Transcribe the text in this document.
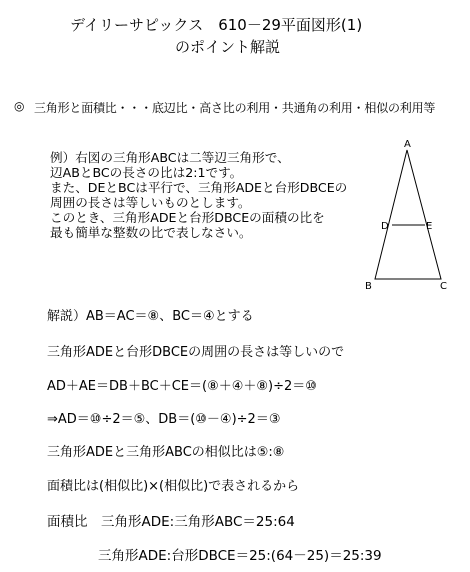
デイリーサピックス　610－29平面図形(1)
のポイント解説
◎ 三角形と面積比・・・底辺比・高さ比の利用・共通角の利用・相似の利用等
例）右図の三角形ABCは二等辺三角形で、
辺ABとBCの長さの比は2:1です。
また、DEとBCは平行で、三角形ADEと台形DBCEの
周囲の長さは等しいものとします。
このとき、三角形ADEと台形DBCEの面積の比を
最も簡単な整数の比で表しなさい。
A
B	C
D	E
解説）AB＝AC＝⑧、BC＝④とする
三角形ADEと台形DBCEの周囲の長さは等しいので
AD＋AE＝DB＋BC＋CE＝(⑧＋④＋⑧)÷2＝⑩
⇒AD＝⑩÷2＝⑤、DB＝(⑩－④)÷2＝③
三角形ADEと三角形ABCの相似比は⑤:⑧
面積比は(相似比)×(相似比)で表されるから
面積比　三角形ADE:三角形ABC＝25:64
三角形ADE:台形DBCE＝25:(64－25)＝25:39
